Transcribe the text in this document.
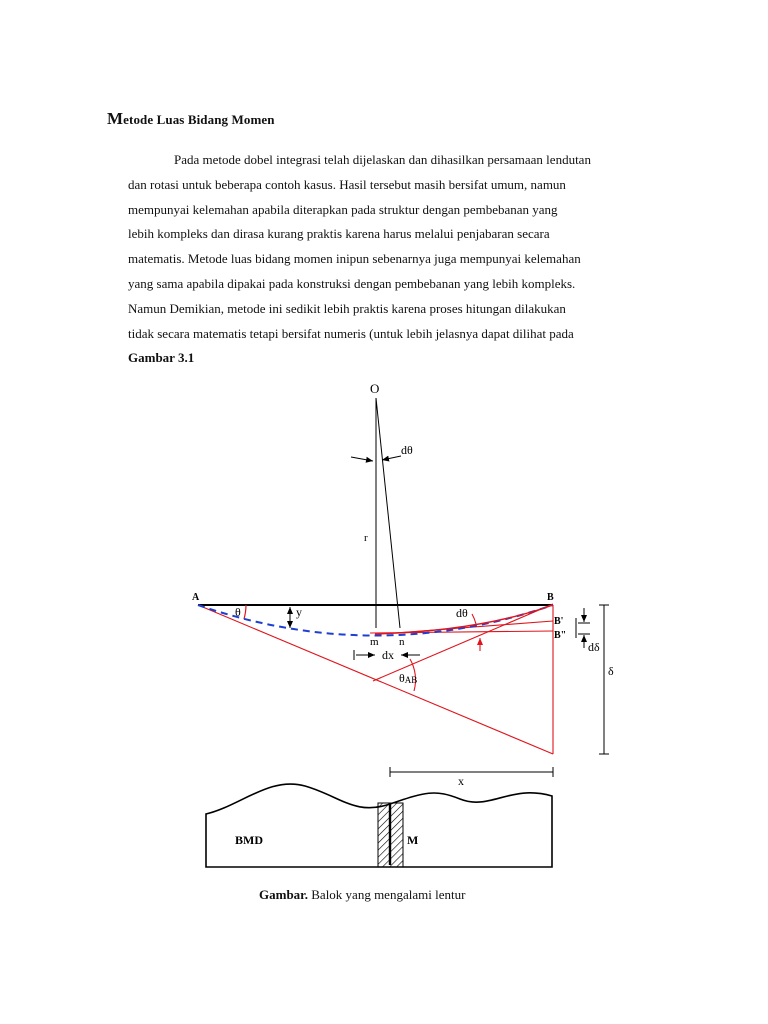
Metode Luas Bidang Momen
Pada metode dobel integrasi telah dijelaskan dan dihasilkan persamaan lendutan
dan rotasi untuk beberapa contoh kasus. Hasil tersebut masih bersifat umum, namun
mempunyai kelemahan apabila diterapkan pada struktur dengan pembebanan yang
lebih kompleks dan dirasa kurang praktis karena harus melalui penjabaran secara
matematis. Metode luas bidang momen inipun sebenarnya juga mempunyai kelemahan
yang sama apabila dipakai pada konstruksi dengan pembebanan yang lebih kompleks.
Namun Demikian, metode ini sedikit lebih praktis karena proses hitungan dilakukan
tidak secara matematis tetapi bersifat numeris (untuk lebih jelasnya dapat dilihat pada
Gambar 3.1
O
dθ
r
A	B
θ	y	dθ
B'
B"
m n
dx
θAB
dδ
δ
x
BMD	M
Gambar. Balok yang mengalami lentur
